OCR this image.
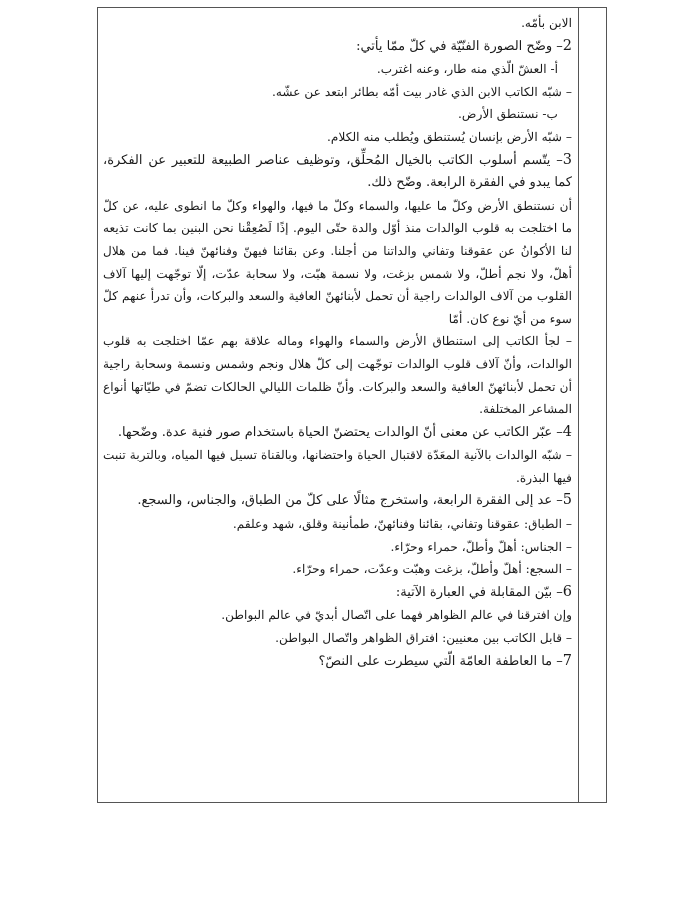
الابن بأمّه.

2– وضّح الصورة الفنّيّة في كلّ ممّا يأتي:

أ- العشّ الّذي منه طار، وعنه اغترب.

– شبّه الكاتب الابن الذي غادر بيت أمّه بطائر ابتعد عن عشّه.

ب- نستنطق الأرض.

– شبّه الأرض بإنسان يُستنطق ويُطلب منه الكلام.

3– يتّسم أسلوب الكاتب بالخيال المُحلِّق، وتوظيف عناصر الطبيعة للتعبير عن الفكرة، كما يبدو في الفقرة الرابعة. وضّح ذلك.

أن نستنطق الأرض وكلّ ما عليها، والسماء وكلّ ما فيها، والهواء وكلّ ما انطوى عليه، عن كلّ ما اختلجت به قلوب الوالدات منذ أوّل والدة حتّى اليوم. إذًا لَصُعِقْنا نحن البنين بما كانت تذيعه لنا الأكوانُ عن عقوقنا وتفاني والداتنا من أجلنا. وعن بقائنا فيهنّ وفنائهنّ فينا. فما من هلال أهلّ، ولا نجم أطلّ، ولا شمس بزغت، ولا نسمة هبّت، ولا سحابة عدّت، إلّا توجّهت إليها آلاف القلوب من آلاف الوالدات راجية أن تحمل لأبنائهنّ العافية والسعد والبركات، وأن تدرأ عنهم كلّ سوء من أيّ نوع كان. أمّا

– لجأ الكاتب إلى استنطاق الأرض والسماء والهواء وماله علاقة بهم عمّا اختلجت به قلوب الوالدات، وأنّ آلاف قلوب الوالدات توجّهت إلى كلّ هلال ونجم وشمس ونسمة وسحابة راجية أن تحمل لأبنائهنّ العافية والسعد والبركات. وأنّ ظلمات الليالي الحالكات تضمّ في طيّاتها أنواع المشاعر المختلفة.

4– عبّر الكاتب عن معنى أنّ الوالدات يحتضنّ الحياة باستخدام صور فنية عدة. وضّحها.

– شبّه الوالدات بالآنية المعَدّة لاقتبال الحياة واحتضانها، وبالقناة تسيل فيها المياه، وبالتربة تنبت فيها البذرة.

5– عد إلى الفقرة الرابعة، واستخرج مثالًا على كلّ من الطباق، والجناس، والسجع.

– الطباق: عقوقنا وتفاني، بقائنا وفنائهنّ، طمأنينة وقلق، شهد وعلقم.

– الجناس: أهلّ وأطلّ، حمراء وحرّاء.

– السجع: أهلّ وأطلّ، بزغت وهبّت وعدّت، حمراء وحرّاء.

6– بيّن المقابلة في العبارة الآتية:

وإن افترقنا في عالم الظواهر فهما على اتّصال أبديّ في عالم البواطن.

– قابل الكاتب بين معنيين: افتراق الظواهر واتّصال البواطن.

7– ما العاطفة العامّة الّتي سيطرت على النصّ؟
